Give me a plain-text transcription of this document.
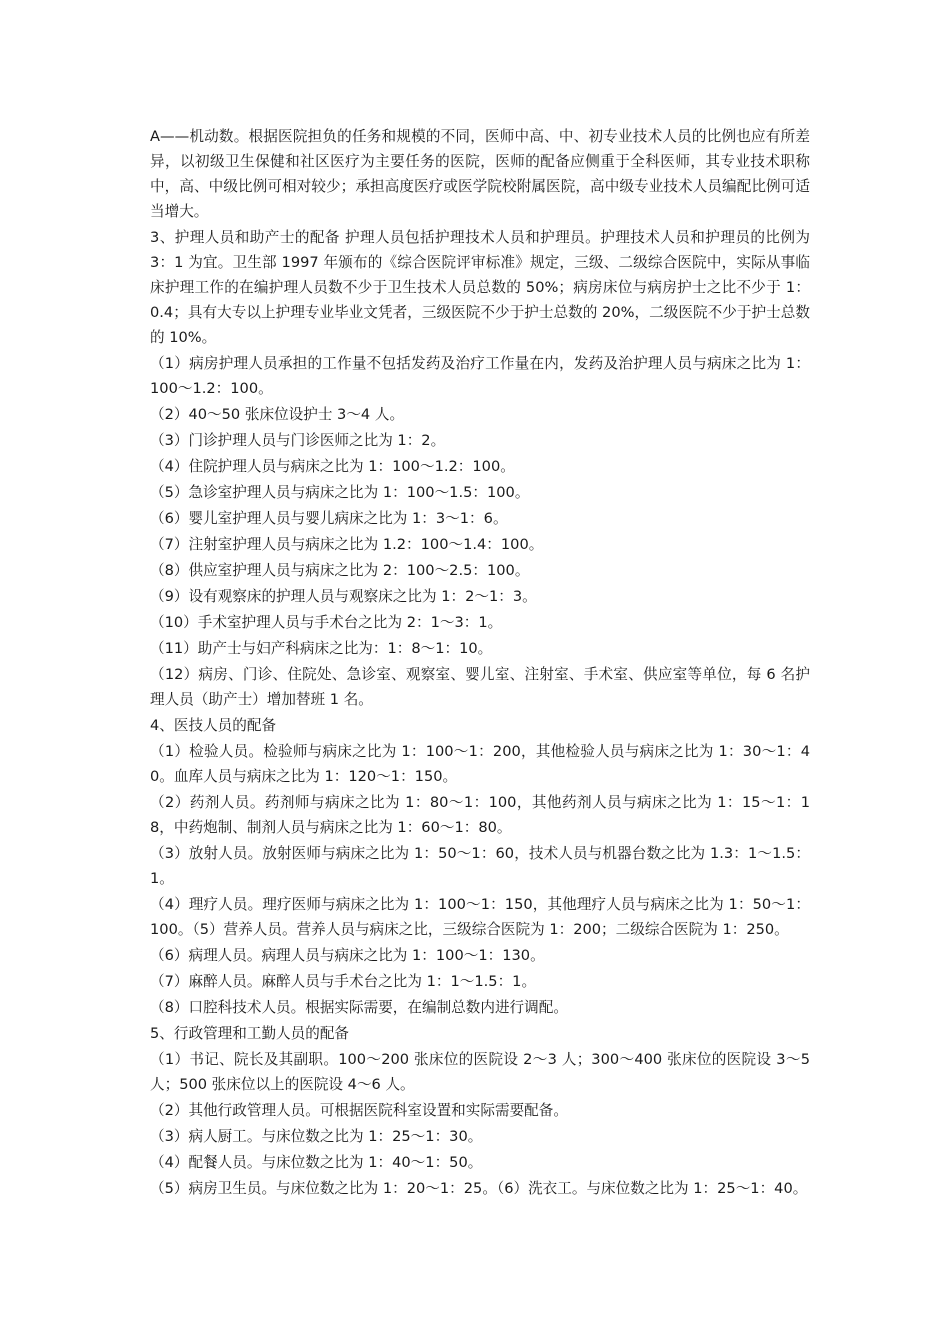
A——机动数。根据医院担负的任务和规模的不同，医师中高、中、初专业技术人员的比例也应有所差异，以初级卫生保健和社区医疗为主要任务的医院，医师的配备应侧重于全科医师，其专业技术职称中，高、中级比例可相对较少；承担高度医疗或医学院校附属医院，高中级专业技术人员编配比例可适当增大。

3、护理人员和助产士的配备 护理人员包括护理技术人员和护理员。护理技术人员和护理员的比例为 3：1 为宜。卫生部 1997 年颁布的《综合医院评审标准》规定，三级、二级综合医院中，实际从事临床护理工作的在编护理人员数不少于卫生技术人员总数的 50%；病房床位与病房护士之比不少于 1：0.4；具有大专以上护理专业毕业文凭者，三级医院不少于护士总数的 20%，二级医院不少于护士总数的 10%。

（1）病房护理人员承担的工作量不包括发药及治疗工作量在内，发药及治护理人员与病床之比为 1：100～1.2：100。

（2）40～50 张床位设护士 3～4 人。

（3）门诊护理人员与门诊医师之比为 1：2。

（4）住院护理人员与病床之比为 1：100～1.2：100。

（5）急诊室护理人员与病床之比为 1：100～1.5：100。

（6）婴儿室护理人员与婴儿病床之比为 1：3～1：6。

（7）注射室护理人员与病床之比为 1.2：100～1.4：100。

（8）供应室护理人员与病床之比为 2：100～2.5：100。

（9）设有观察床的护理人员与观察床之比为 1：2～1：3。

（10）手术室护理人员与手术台之比为 2：1～3：1。

（11）助产士与妇产科病床之比为：1：8～1：10。

（12）病房、门诊、住院处、急诊室、观察室、婴儿室、注射室、手术室、供应室等单位，每 6 名护理人员（助产士）增加替班 1 名。

4、医技人员的配备

（1）检验人员。检验师与病床之比为 1：100～1：200，其他检验人员与病床之比为 1：30～1：40。血库人员与病床之比为 1：120～1：150。

（2）药剂人员。药剂师与病床之比为 1：80～1：100，其他药剂人员与病床之比为 1：15～1：18，中药炮制、制剂人员与病床之比为 1：60～1：80。

（3）放射人员。放射医师与病床之比为 1：50～1：60，技术人员与机器台数之比为 1.3：1～1.5：1。

（4）理疗人员。理疗医师与病床之比为 1：100～1：150，其他理疗人员与病床之比为 1：50～1：100。（5）营养人员。营养人员与病床之比，三级综合医院为 1：200；二级综合医院为 1：250。

（6）病理人员。病理人员与病床之比为 1：100～1：130。

（7）麻醉人员。麻醉人员与手术台之比为 1：1～1.5：1。

（8）口腔科技术人员。根据实际需要，在编制总数内进行调配。

5、行政管理和工勤人员的配备

（1）书记、院长及其副职。100～200 张床位的医院设 2～3 人；300～400 张床位的医院设 3～5 人；500 张床位以上的医院设 4～6 人。

（2）其他行政管理人员。可根据医院科室设置和实际需要配备。

（3）病人厨工。与床位数之比为 1：25～1：30。

（4）配餐人员。与床位数之比为 1：40～1：50。

（5）病房卫生员。与床位数之比为 1：20～1：25。（6）洗衣工。与床位数之比为 1：25～1：40。
